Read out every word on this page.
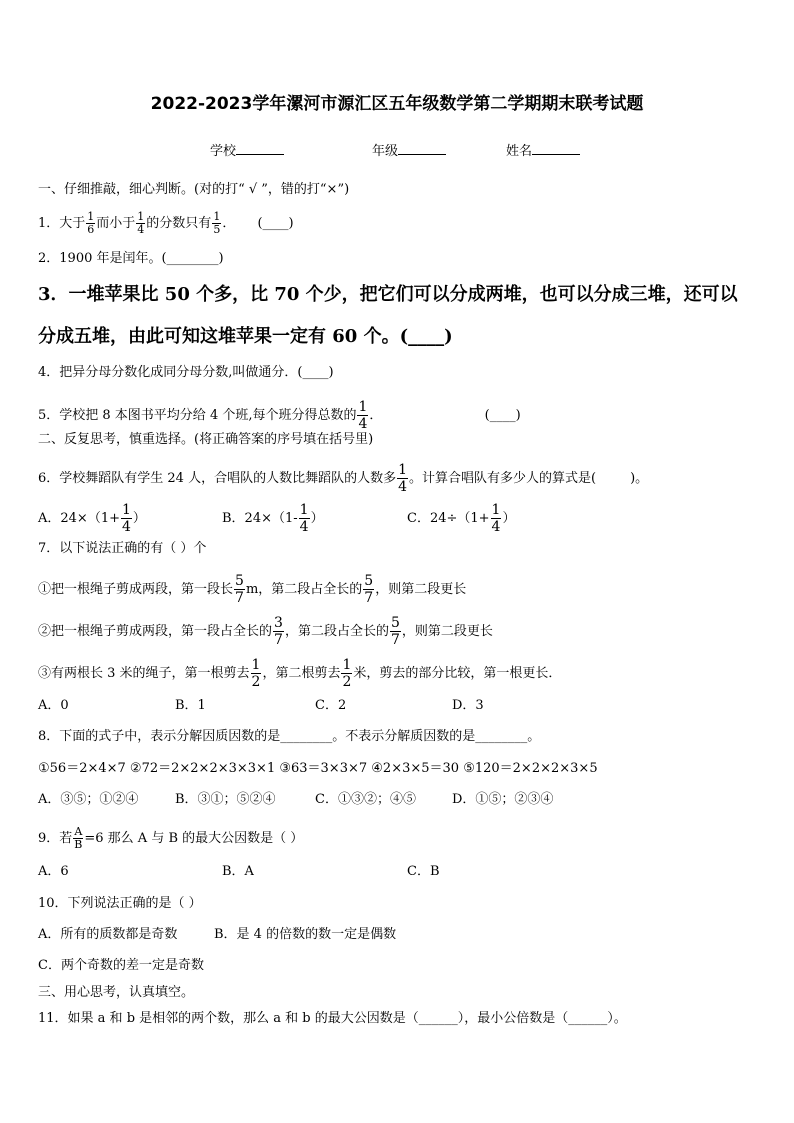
2022-2023学年漯河市源汇区五年级数学第二学期期末联考试题
学校	年级	姓名
一、仔细推敲，细心判断。(对的打“ √ ”，错的打“×”)
1．大于 $\frac{1}{6}$ 而小于 $\frac{1}{4}$ 的分数只有 $\frac{1}{5}$ ． (____)
2．1900 年是闰年。(________)
3．一堆苹果比 50 个多，比 70 个少，把它们可以分成两堆，也可以分成三堆，还可以
分成五堆，由此可知这堆苹果一定有 60 个。(____)
4．把异分母分数化成同分母分数,叫做通分．(____)
5．学校把 8 本图书平均分给 4 个班,每个班分得总数的 $\frac{1}{4}$ ．	(____)
二、反复思考，慎重选择。(将正确答案的序号填在括号里)
6．学校舞蹈队有学生 24 人，合唱队的人数比舞蹈队的人数多 $\frac{1}{4}$ 。计算合唱队有多少人的算式是(	)。
A．$24\times(1+ \frac{1}{4}$ ）	B．$24\times(1- \frac{1}{4}$ ）	C．$24\div(1+ \frac{1}{4}$ ）
7．以下说法正确的有（ ）个
①把一根绳子剪成两段，第一段长 $\frac{5}{7}$ m，第二段占全长的 $\frac{5}{7}$ ，则第二段更长
②把一根绳子剪成两段，第一段占全长的 $\frac{3}{7}$ ，第二段占全长的 $\frac{5}{7}$ ，则第二段更长
③有两根长 3 米的绳子，第一根剪去 $\frac{1}{2}$ ，第二根剪去 $\frac{1}{2}$ 米，剪去的部分比较，第一根更长．
A．0	B．1	C．2	D．3
8．下面的式子中，表示分解因质因数的是________。不表示分解质因数的是________。
①56＝2×4×7 ②72＝2×2×2×3×3×1 ③63＝3×3×7 ④2×3×5＝30 ⑤120＝2×2×2×3×5
A．③⑤；①②④	B．③①；⑤②④	C．①③②；④⑤	D．①⑤；②③④
9．若 $\frac{A}{B} =6$ 那么 A 与 B 的最大公因数是（ ）
A．6	B．A	C．B
10．下列说法正确的是（ ）
A．所有的质数都是奇数	B．是 4 的倍数的数一定是偶数
C．两个奇数的差一定是奇数
三、用心思考，认真填空。
11．如果 a 和 b 是相邻的两个数，那么 a 和 b 的最大公因数是（______），最小公倍数是（______）。
